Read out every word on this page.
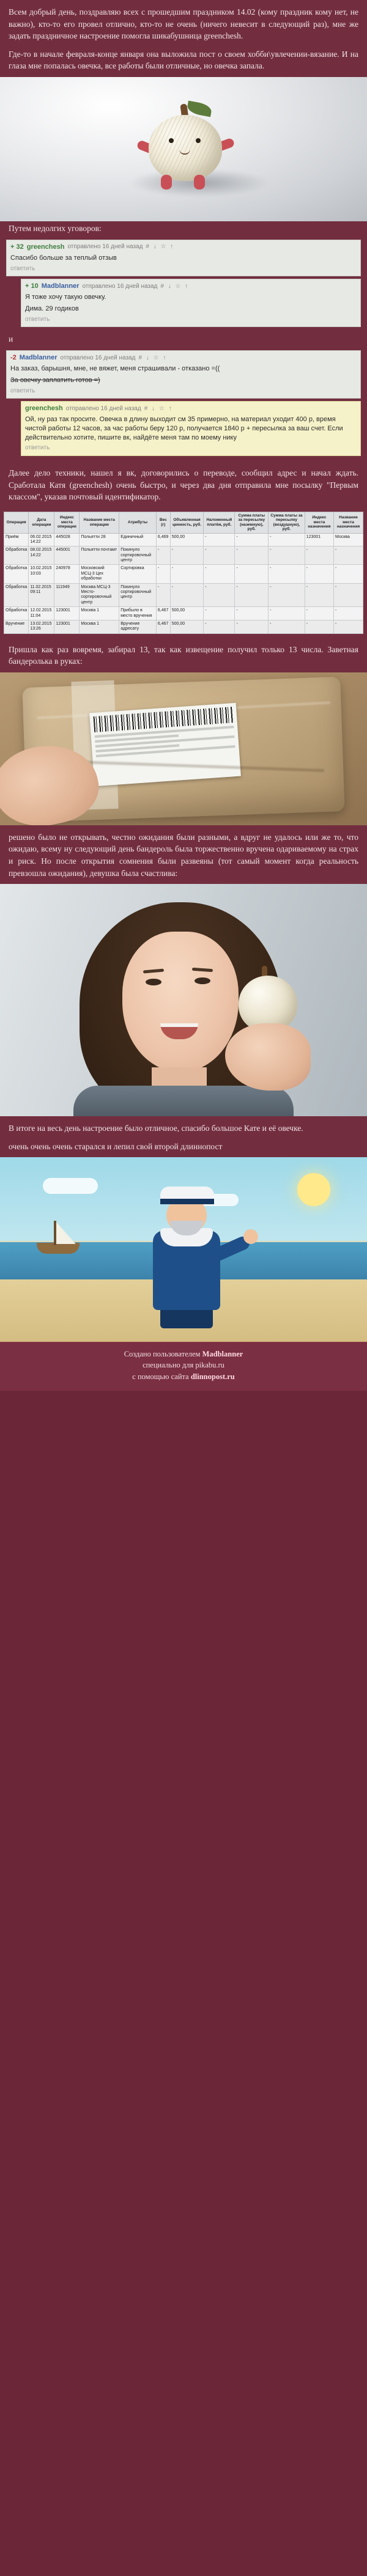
Всем добрый день, поздравляю всех с прошедшим праздником 14.02 (кому праздник кому нет, не важно), кто-то его провел отлично, кто-то не очень (ничего невесит в следующий раз), мне же задать праздничное настроение помогла шикабушница greenchesh.

Где-то в начале февраля-конце января она выложила пост о своем хобби\увлечении-вязание. И на глаза мне попалась овечка, все работы были отличные, но овечка запала.

Путем недолгих уговоров:
+ 32 greenchesh отправлено 16 дней назад # ↓ ☆ ↑
Спасибо больше за теплый отзыв
ответить
+ 10 Madblanner отправлено 16 дней назад # ↓ ☆ ↑
Я тоже хочу такую овечку.
Дима. 29 годиков
ответить
и
-2 Madblanner отправлено 16 дней назад # ↓ ☆ ↑
На заказ, барышня, мне, не вяжет, меня страшивали - отказано =((
За овечку заплатить готов =)
ответить
greenchesh отправлено 16 дней назад # ↓ ☆ ↑
Ой, ну раз так просите. Овечка в длину выходит см 35 примерно, на материал уходит 400 р, время чистой работы 12 часов, за час работы беру 120 р, получается 1840 р + пересылка за ваш счет. Если действительно хотите, пишите вк, найдёте меня там по моему нику
ответить

Далее дело техники, нашел я вк, договорились о переводе, сообщил адрес и начал ждать. Сработала Катя (greenchesh) очень быстро, и через два дня отправила мне посылку "Первым классом", указав почтовый идентификатор.

Операция	Дата операции	Индекс места операции	Название места операции	Атрибуты	Вес (г)	Объявленная ценность, руб.	Наложенный платёж, руб.	Сумма платы за пересылку (наземную), руб.	Сумма платы за пересылку (воздушную), руб.	Индекс места назначения	Название места назначения
Приём	06.02.2015 14:22	445028	Польятти 28	Единичный	6,469	500,00	-	-	-	123001	Москва
Обработка	08.02.2015 14:22	445001	Польятти почтамт	Покинуло сортировочный центр	-	-	-	-	-	-	-
Обработка	10.02.2015 10:03	240978	Московский МСЦ-3 Цех обработки	Сортировка	-	-	-	-	-	-	-
Обработка	11.02.2015 09:11	111949	Москва МСЦ-3 Место-сортировочный центр	Покинуло сортировочный центр	-	-	-	-	-	-	-
Обработка	12.02.2015 11:04	123001	Москва 1	Прибыло в место вручения	6,467	500,00	-	-	-	-	-
Вручение	13.02.2015 13:26	123001	Москва 1	Вручение адресату	6,467	500,00	-	-	-	-	-

Пришла как раз вовремя, забирал 13, так как извещение получил только 13 числа. Заветная бандеролька в руках:

решено было не открывать, честно ожидания были разными, а вдруг не удалось или же то, что ожидаю, всему ну следующий день бандероль была торжественно вручена одариваемому на страх и риск. Но после открытия сомнения были развеяны (тот самый момент когда реальность превзошла ожидания), девушка была счастлива:

В итоге на весь день настроение было отличное, спасибо большое Кате и её овечке.

очень очень очень старался и лепил свой второй длиннопост

Создано пользователем Madblanner
специально для pikabu.ru
с помощью сайта dlinnopost.ru
